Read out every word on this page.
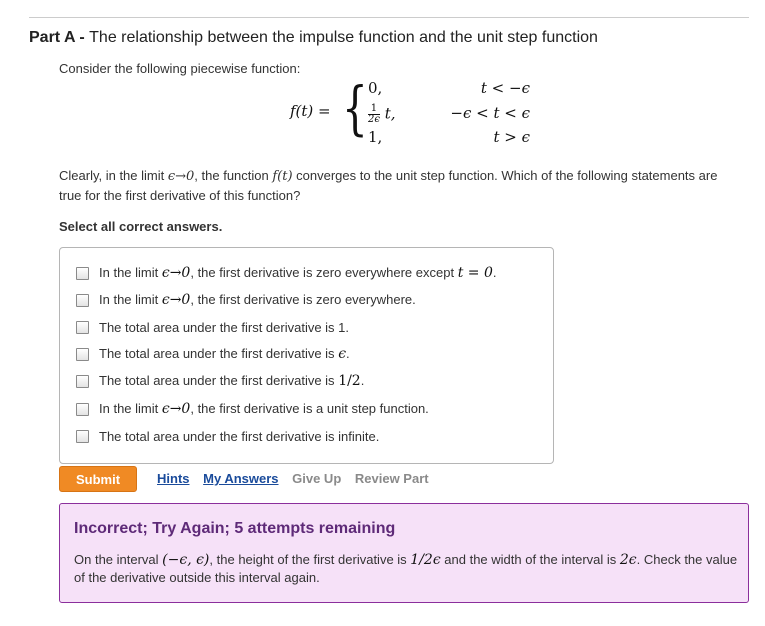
Part A - The relationship between the impulse function and the unit step function
Consider the following piecewise function:
f(t) = { 0,	t < −ϵ
$\frac{1}{2\epsilon} t$,	−ϵ < t < ϵ
1,	t > ϵ
Clearly, in the limit ϵ→0, the function f(t) converges to the unit step function. Which of the following statements are true for the first derivative of this function?
Select all correct answers.
In the limit ϵ→0, the first derivative is zero everywhere except t = 0.
In the limit ϵ→0, the first derivative is zero everywhere.
The total area under the first derivative is 1.
The total area under the first derivative is ϵ.
The total area under the first derivative is 1/2.
In the limit ϵ→0, the first derivative is a unit step function.
The total area under the first derivative is infinite.
Submit	Hints My Answers Give Up Review Part
Incorrect; Try Again; 5 attempts remaining
On the interval (−ϵ, ϵ), the height of the first derivative is 1/2ϵ and the width of the interval is 2ϵ. Check the value of the derivative outside this interval again.
